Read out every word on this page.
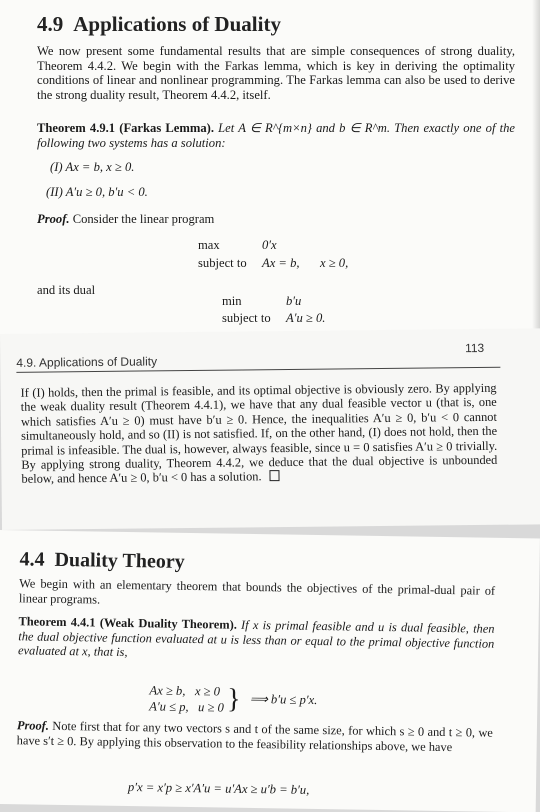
4.9 Applications of Duality
We now present some fundamental results that are simple consequences of strong duality, Theorem 4.4.2. We begin with the Farkas lemma, which is key in deriving the optimality conditions of linear and nonlinear programming. The Farkas lemma can also be used to derive the strong duality result, Theorem 4.4.2, itself.
Theorem 4.9.1 (Farkas Lemma). Let A ∈ R^{m×n} and b ∈ R^m. Then exactly one of the following two systems has a solution:
(I) Ax = b, x ≥ 0.
(II) A′u ≥ 0, b′u < 0.
Proof. Consider the linear program
max	0′x
subject to Ax = b, x ≥ 0,
and its dual
min	b′u
subject to A′u ≥ 0.
4.9. Applications of Duality
113
If (I) holds, then the primal is feasible, and its optimal objective is obviously zero. By applying the weak duality result (Theorem 4.4.1), we have that any dual feasible vector u (that is, one which satisfies A′u ≥ 0) must have b′u ≥ 0. Hence, the inequalities A′u ≥ 0, b′u < 0 cannot simultaneously hold, and so (II) is not satisfied. If, on the other hand, (I) does not hold, then the primal is infeasible. The dual is, however, always feasible, since u = 0 satisfies A′u ≥ 0 trivially. By applying strong duality, Theorem 4.4.2, we deduce that the dual objective is unbounded below, and hence A′u ≥ 0, b′u < 0 has a solution.
4.4 Duality Theory
We begin with an elementary theorem that bounds the objectives of the primal-dual pair of linear programs.
Theorem 4.4.1 (Weak Duality Theorem). If x is primal feasible and u is dual feasible, then the dual objective function evaluated at u is less than or equal to the primal objective function evaluated at x, that is,
Ax ≥ b,   x ≥ 0
A′u ≤ p,   u ≥ 0 } ⟹ b′u ≤ p′x.
Proof. Note first that for any two vectors s and t of the same size, for which s ≥ 0 and t ≥ 0, we have s′t ≥ 0. By applying this observation to the feasibility relationships above, we have
p′x = x′p ≥ x′A′u = u′Ax ≥ u′b = b′u,
